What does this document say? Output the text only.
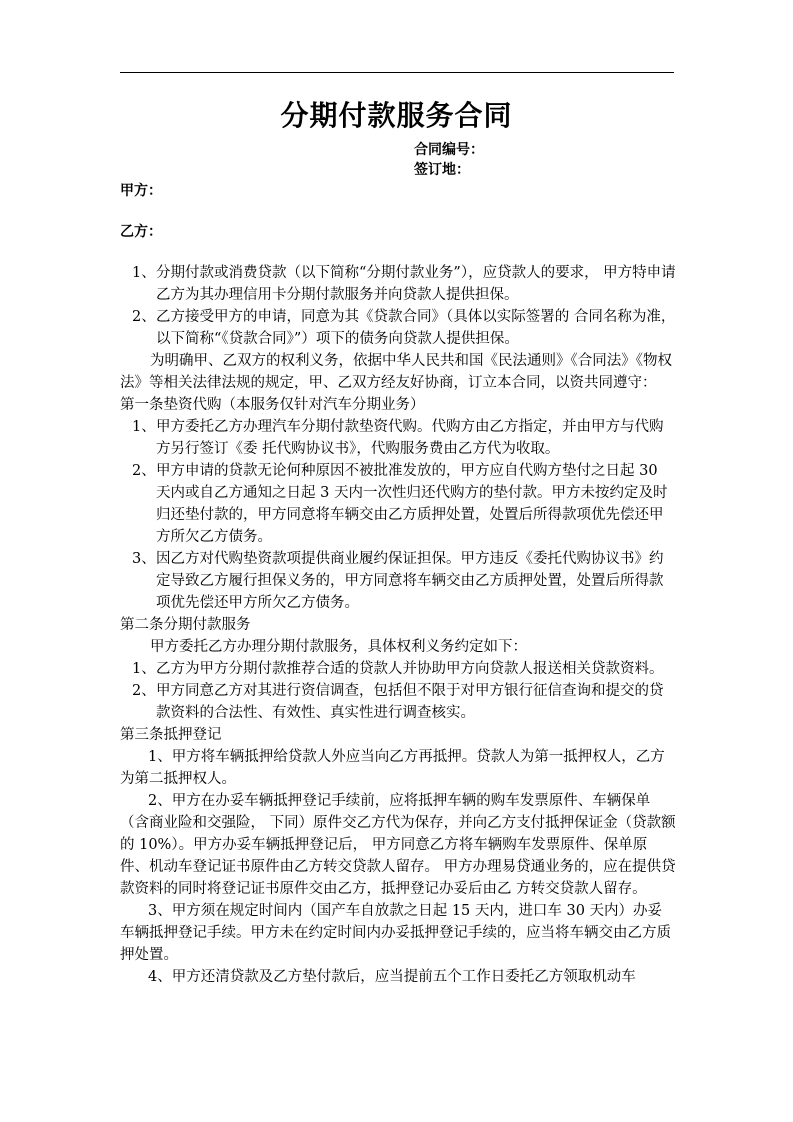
分期付款服务合同
合同编号：
签订地：
甲方：
乙方：
1、 分期付款或消费贷款（以下简称“分期付款业务”），应贷款人的要求， 甲方特申请乙方为其办理信用卡分期付款服务并向贷款人提供担保。
2、 乙方接受甲方的申请，同意为其《贷款合同》（具体以实际签署的 合同名称为准，以下简称“《贷款合同》”）项下的债务向贷款人提供担保。

为明确甲、乙双方的权利义务，依据中华人民共和国《民法通则》《合同法》《物权法》等相关法律法规的规定，甲、乙双方经友好协商，订立本合同，以资共同遵守：

第一条垫资代购（本服务仅针对汽车分期业务）

1、 甲方委托乙方办理汽车分期付款垫资代购。代购方由乙方指定，并由甲方与代购方另行签订《委 托代购协议书》，代购服务费由乙方代为收取。
2、 甲方申请的贷款无论何种原因不被批准发放的，甲方应自代购方垫付之日起 30 天内或自乙方通知之日起 3 天内一次性归还代购方的垫付款。甲方未按约定及时归还垫付款的，甲方同意将车辆交由乙方质押处置，处置后所得款项优先偿还甲方所欠乙方债务。
3、 因乙方对代购垫资款项提供商业履约保证担保。甲方违反《委托代购协议书》约定导致乙方履行担保义务的，甲方同意将车辆交由乙方质押处置，处置后所得款项优先偿还甲方所欠乙方债务。

第二条分期付款服务

甲方委托乙方办理分期付款服务，具体权利义务约定如下：

1、 乙方为甲方分期付款推荐合适的贷款人并协助甲方向贷款人报送相关贷款资料。
2、 甲方同意乙方对其进行资信调查，包括但不限于对甲方银行征信查询和提交的贷款资料的合法性、有效性、真实性进行调查核实。

第三条抵押登记

1、甲方将车辆抵押给贷款人外应当向乙方再抵押。贷款人为第一抵押权人，乙方为第二抵押权人。

2、甲方在办妥车辆抵押登记手续前，应将抵押车辆的购车发票原件、车辆保单（含商业险和交强险， 下同）原件交乙方代为保存，并向乙方支付抵押保证金（贷款额的 10%）。甲方办妥车辆抵押登记后， 甲方同意乙方将车辆购车发票原件、保单原件、机动车登记证书原件由乙方转交贷款人留存。 甲方办理易贷通业务的，应在提供贷款资料的同时将登记证书原件交由乙方，抵押登记办妥后由乙 方转交贷款人留存。

3、甲方须在规定时间内（国产车自放款之日起 15 天内，进口车 30 天内）办妥车辆抵押登记手续。甲方未在约定时间内办妥抵押登记手续的，应当将车辆交由乙方质押处置。

4、甲方还清贷款及乙方垫付款后，应当提前五个工作日委托乙方领取机动车
